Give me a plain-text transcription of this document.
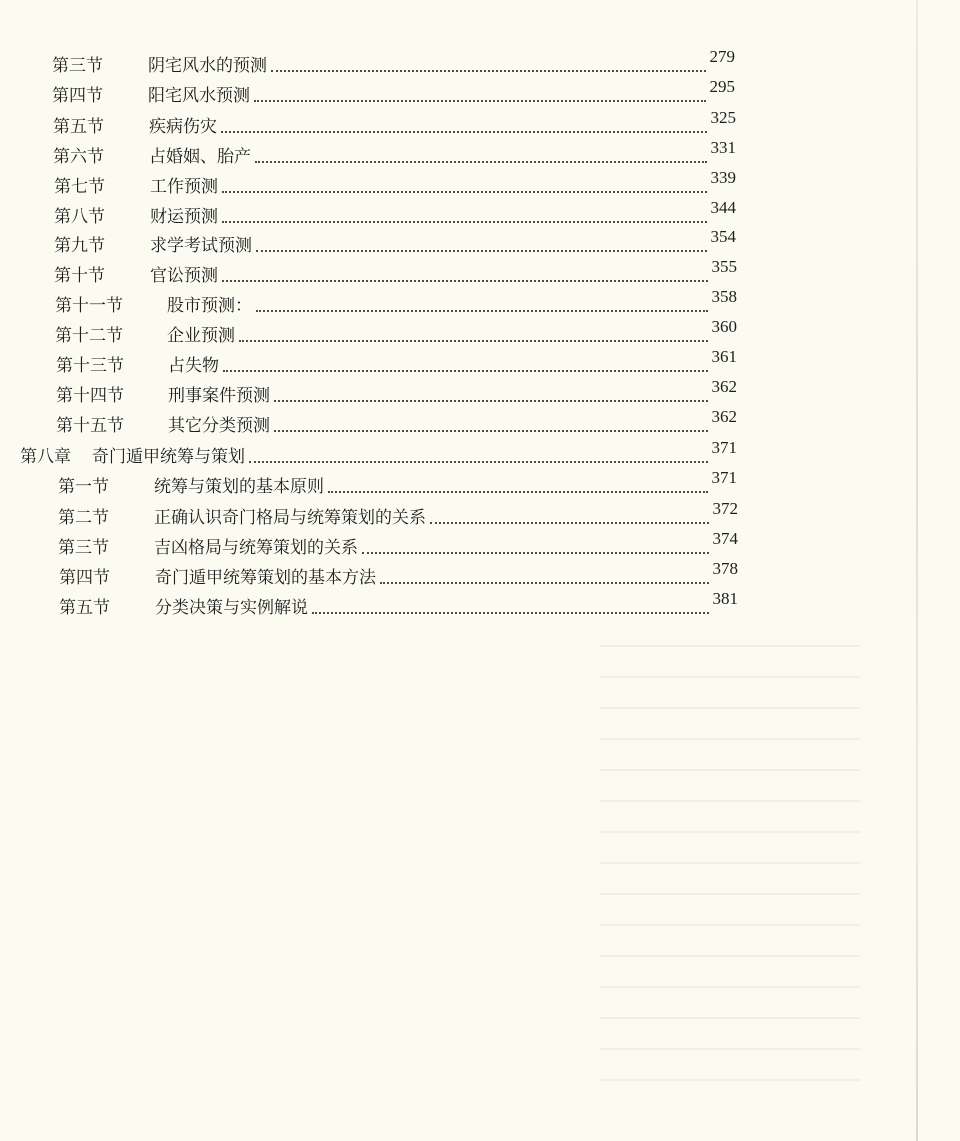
第三节	阴宅风水的预测	279
第四节	阳宅风水预测	295
第五节	疾病伤灾	325
第六节	占婚姻、胎产	331
第七节	工作预测	339
第八节	财运预测	344
第九节	求学考试预测	354
第十节	官讼预测	355
第十一节	股市预测：	358
第十二节	企业预测	360
第十三节	占失物	361
第十四节	刑事案件预测	362
第十五节	其它分类预测	362
第八章	奇门遁甲统筹与策划	371
第一节	统筹与策划的基本原则	371
第二节	正确认识奇门格局与统筹策划的关系	372
第三节	吉凶格局与统筹策划的关系	374
第四节	奇门遁甲统筹策划的基本方法	378
第五节	分类决策与实例解说	381
